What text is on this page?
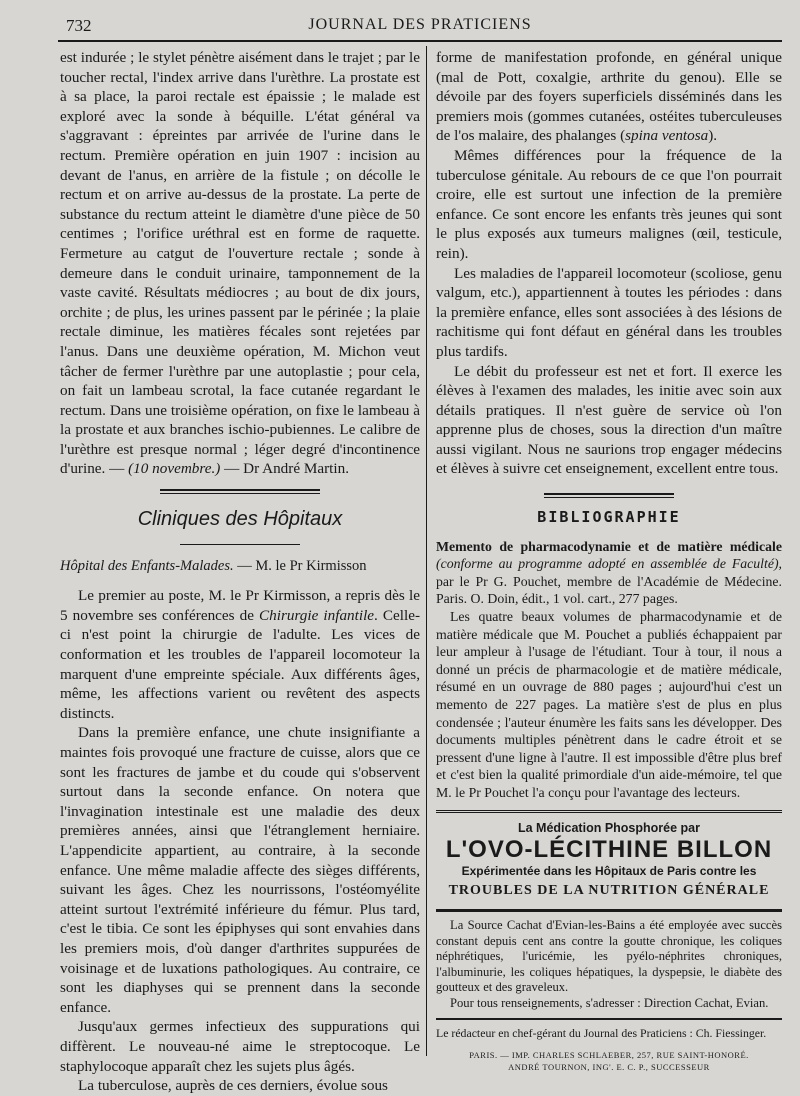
732	JOURNAL DES PRATICIENS

est indurée ; le stylet pénètre aisément dans le trajet ; par le toucher rectal, l'index arrive dans l'urèthre. La prostate est à sa place, la paroi rectale est épaissie ; le malade est exploré avec la sonde à béquille. L'état général va s'aggravant : épreintes par arrivée de l'urine dans le rectum. Première opération en juin 1907 : incision au devant de l'anus, en arrière de la fistule ; on décolle le rectum et on arrive au-dessus de la prostate. La perte de substance du rectum atteint le diamètre d'une pièce de 50 centimes ; l'orifice uréthral est en forme de raquette. Fermeture au catgut de l'ouverture rectale ; sonde à demeure dans le conduit urinaire, tamponnement de la vaste cavité. Résultats médiocres ; au bout de dix jours, orchite ; de plus, les urines passent par le périnée ; la plaie rectale diminue, les matières fécales sont rejetées par l'anus. Dans une deuxième opération, M. Michon veut tâcher de fermer l'urèthre par une autoplastie ; pour cela, on fait un lambeau scrotal, la face cutanée regardant le rectum. Dans une troisième opération, on fixe le lambeau à la prostate et aux branches ischio-pubiennes. Le calibre de l'urèthre est presque normal ; léger degré d'incontinence d'urine. — (10 novembre.) — Dr André Martin.

Cliniques des Hôpitaux
Hôpital des Enfants-Malades. — M. le Pr Kirmisson

Le premier au poste, M. le Pr Kirmisson, a repris dès le 5 novembre ses conférences de Chirurgie infantile. Celle-ci n'est point la chirurgie de l'adulte. Les vices de conformation et les troubles de l'appareil locomoteur la marquent d'une empreinte spéciale. Aux différents âges, même, les affections varient ou revêtent des aspects distincts.

Dans la première enfance, une chute insignifiante a maintes fois provoqué une fracture de cuisse, alors que ce sont les fractures de jambe et du coude qui s'observent surtout dans la seconde enfance. On notera que l'invagination intestinale est une maladie des deux premières années, ainsi que l'étranglement herniaire. L'appendicite appartient, au contraire, à la seconde enfance. Une même maladie affecte des sièges différents, suivant les âges. Chez les nourrissons, l'ostéomyélite atteint surtout l'extrémité inférieure du fémur. Plus tard, c'est le tibia. Ce sont les épiphyses qui sont envahies dans les premiers mois, d'où danger d'arthrites suppurées de voisinage et de luxations pathologiques. Au contraire, ce sont les diaphyses qui se prennent dans la seconde enfance.

Jusqu'aux germes infectieux des suppurations qui diffèrent. Le nouveau-né aime le streptocoque. Le staphylocoque apparaît chez les sujets plus âgés.

La tuberculose, auprès de ces derniers, évolue sous

forme de manifestation profonde, en général unique (mal de Pott, coxalgie, arthrite du genou). Elle se dévoile par des foyers superficiels disséminés dans les premiers mois (gommes cutanées, ostéites tuberculeuses de l'os malaire, des phalanges (spina ventosa).

Mêmes différences pour la fréquence de la tuberculose génitale. Au rebours de ce que l'on pourrait croire, elle est surtout une infection de la première enfance. Ce sont encore les enfants très jeunes qui sont le plus exposés aux tumeurs malignes (œil, testicule, rein).

Les maladies de l'appareil locomoteur (scoliose, genu valgum, etc.), appartiennent à toutes les périodes : dans la première enfance, elles sont associées à des lésions de rachitisme qui font défaut en général dans les troubles plus tardifs.

Le débit du professeur est net et fort. Il exerce les élèves à l'examen des malades, les initie avec soin aux détails pratiques. Il n'est guère de service où l'on apprenne plus de choses, sous la direction d'un maître aussi vigilant. Nous ne saurions trop engager médecins et élèves à suivre cet enseignement, excellent entre tous.

BIBLIOGRAPHIE
Memento de pharmacodynamie et de matière médicale (conforme au programme adopté en assemblée de Faculté), par le Pr G. Pouchet, membre de l'Académie de Médecine. Paris. O. Doin, édit., 1 vol. cart., 277 pages.

Les quatre beaux volumes de pharmacodynamie et de matière médicale que M. Pouchet a publiés échappaient par leur ampleur à l'usage de l'étudiant. Tour à tour, il nous a donné un précis de pharmacologie et de matière médicale, résumé en un ouvrage de 880 pages ; aujourd'hui c'est un memento de 227 pages. La matière s'est de plus en plus condensée ; l'auteur énumère les faits sans les développer. Des documents multiples pénètrent dans le cadre étroit et se pressent d'une ligne à l'autre. Il est impossible d'être plus bref et c'est bien la qualité primordiale d'un aide-mémoire, tel que M. le Pr Pouchet l'a conçu pour l'avantage des lecteurs.

La Médication Phosphorée par
L'OVO-LÉCITHINE BILLON
Expérimentée dans les Hôpitaux de Paris contre les
TROUBLES DE LA NUTRITION GÉNÉRALE
La Source Cachat d'Evian-les-Bains a été employée avec succès constant depuis cent ans contre la goutte chronique, les coliques néphrétiques, l'uricémie, les pyélo-néphrites chroniques, l'albuminurie, les coliques hépatiques, la dyspepsie, le diabète des goutteux et des graveleux.
Pour tous renseignements, s'adresser : Direction Cachat, Evian.
Le rédacteur en chef-gérant du Journal des Praticiens : Ch. Fiessinger.
PARIS. — IMP. CHARLES SCHLAEBER, 257, RUE SAINT-HONORÉ.
ANDRÉ TOURNON, ING'. E. C. P., SUCCESSEUR
